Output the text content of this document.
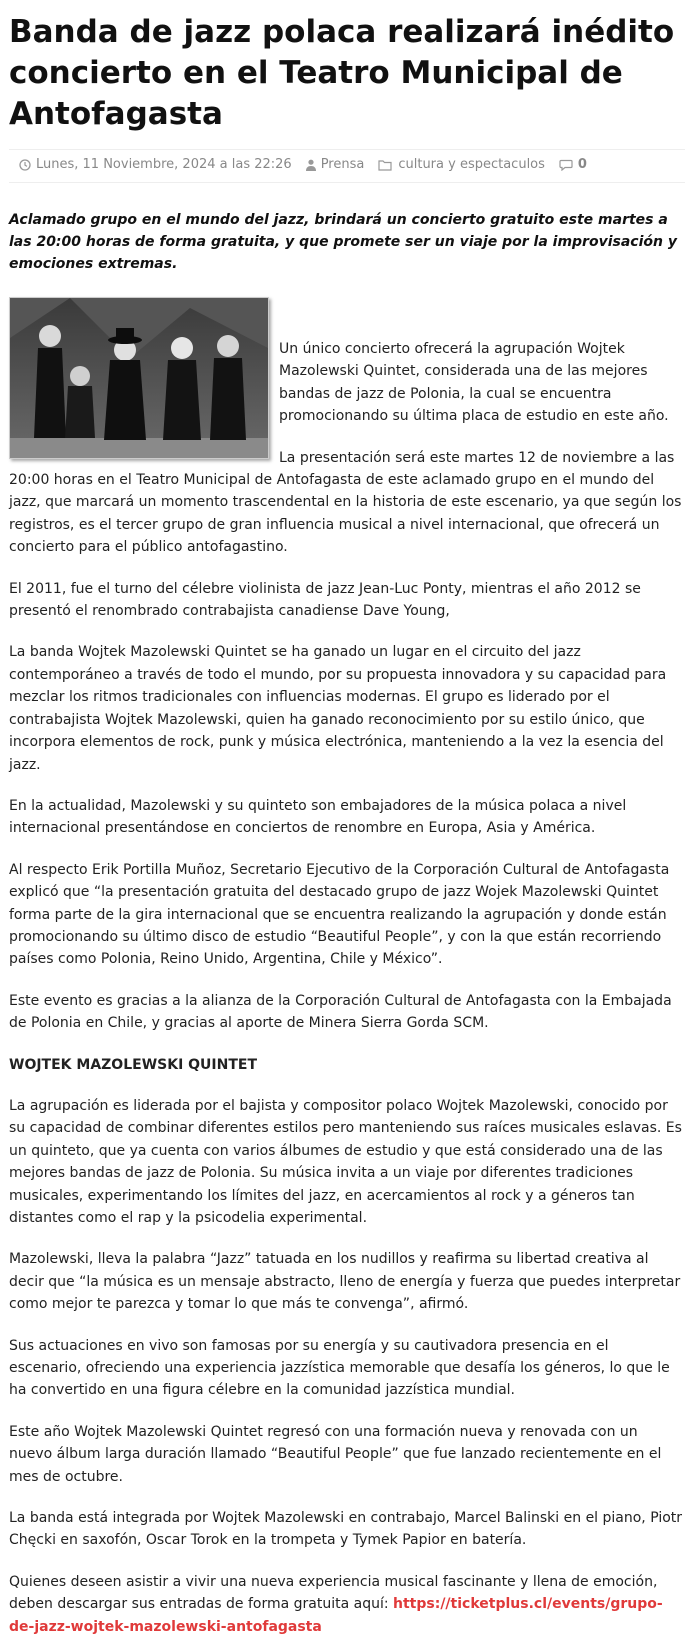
Banda de jazz polaca realizará inédito concierto en el Teatro Municipal de Antofagasta
Lunes, 11 Noviembre, 2024 a las 22:26 Prensa	cultura y espectaculos	0

Aclamado grupo en el mundo del jazz, brindará un concierto gratuito este martes a las 20:00 horas de forma gratuita, y que promete ser un viaje por la improvisación y emociones extremas.

Un único concierto ofrecerá la agrupación Wojtek Mazolewski Quintet, considerada una de las mejores bandas de jazz de Polonia, la cual se encuentra promocionando su última placa de estudio en este año.

La presentación será este martes 12 de noviembre a las 20:00 horas en el Teatro Municipal de Antofagasta de este aclamado grupo en el mundo del jazz, que marcará un momento trascendental en la historia de este escenario, ya que según los registros, es el tercer grupo de gran influencia musical a nivel internacional, que ofrecerá un concierto para el público antofagastino.

El 2011, fue el turno del célebre violinista de jazz Jean-Luc Ponty, mientras el año 2012 se presentó el renombrado contrabajista canadiense Dave Young,

La banda Wojtek Mazolewski Quintet se ha ganado un lugar en el circuito del jazz contemporáneo a través de todo el mundo, por su propuesta innovadora y su capacidad para mezclar los ritmos tradicionales con influencias modernas. El grupo es liderado por el contrabajista Wojtek Mazolewski, quien ha ganado reconocimiento por su estilo único, que incorpora elementos de rock, punk y música electrónica, manteniendo a la vez la esencia del jazz.

En la actualidad, Mazolewski y su quinteto son embajadores de la música polaca a nivel internacional presentándose en conciertos de renombre en Europa, Asia y América.

Al respecto Erik Portilla Muñoz, Secretario Ejecutivo de la Corporación Cultural de Antofagasta explicó que “la presentación gratuita del destacado grupo de jazz Wojek Mazolewski Quintet forma parte de la gira internacional que se encuentra realizando la agrupación y donde están promocionando su último disco de estudio “Beautiful People”, y con la que están recorriendo países como Polonia, Reino Unido, Argentina, Chile y México”.

Este evento es gracias a la alianza de la Corporación Cultural de Antofagasta con la Embajada de Polonia en Chile, y gracias al aporte de Minera Sierra Gorda SCM.

WOJTEK MAZOLEWSKI QUINTET

La agrupación es liderada por el bajista y compositor polaco Wojtek Mazolewski, conocido por su capacidad de combinar diferentes estilos pero manteniendo sus raíces musicales eslavas. Es un quinteto, que ya cuenta con varios álbumes de estudio y que está considerado una de las mejores bandas de jazz de Polonia. Su música invita a un viaje por diferentes tradiciones musicales, experimentando los límites del jazz, en acercamientos al rock y a géneros tan distantes como el rap y la psicodelia experimental.

Mazolewski, lleva la palabra “Jazz” tatuada en los nudillos y reafirma su libertad creativa al decir que “la música es un mensaje abstracto, lleno de energía y fuerza que puedes interpretar como mejor te parezca y tomar lo que más te convenga”, afirmó.

Sus actuaciones en vivo son famosas por su energía y su cautivadora presencia en el escenario, ofreciendo una experiencia jazzística memorable que desafía los géneros, lo que le ha convertido en una figura célebre en la comunidad jazzística mundial.

Este año Wojtek Mazolewski Quintet regresó con una formación nueva y renovada con un nuevo álbum larga duración llamado “Beautiful People” que fue lanzado recientemente en el mes de octubre.

La banda está integrada por Wojtek Mazolewski en contrabajo, Marcel Balinski en el piano, Piotr Chęcki en saxofón, Oscar Torok en la trompeta y Tymek Papior en batería.

Quienes deseen asistir a vivir una nueva experiencia musical fascinante y llena de emoción, deben descargar sus entradas de forma gratuita aquí: https://ticketplus.cl/events/grupo-de-jazz-wojtek-mazolewski-antofagasta
